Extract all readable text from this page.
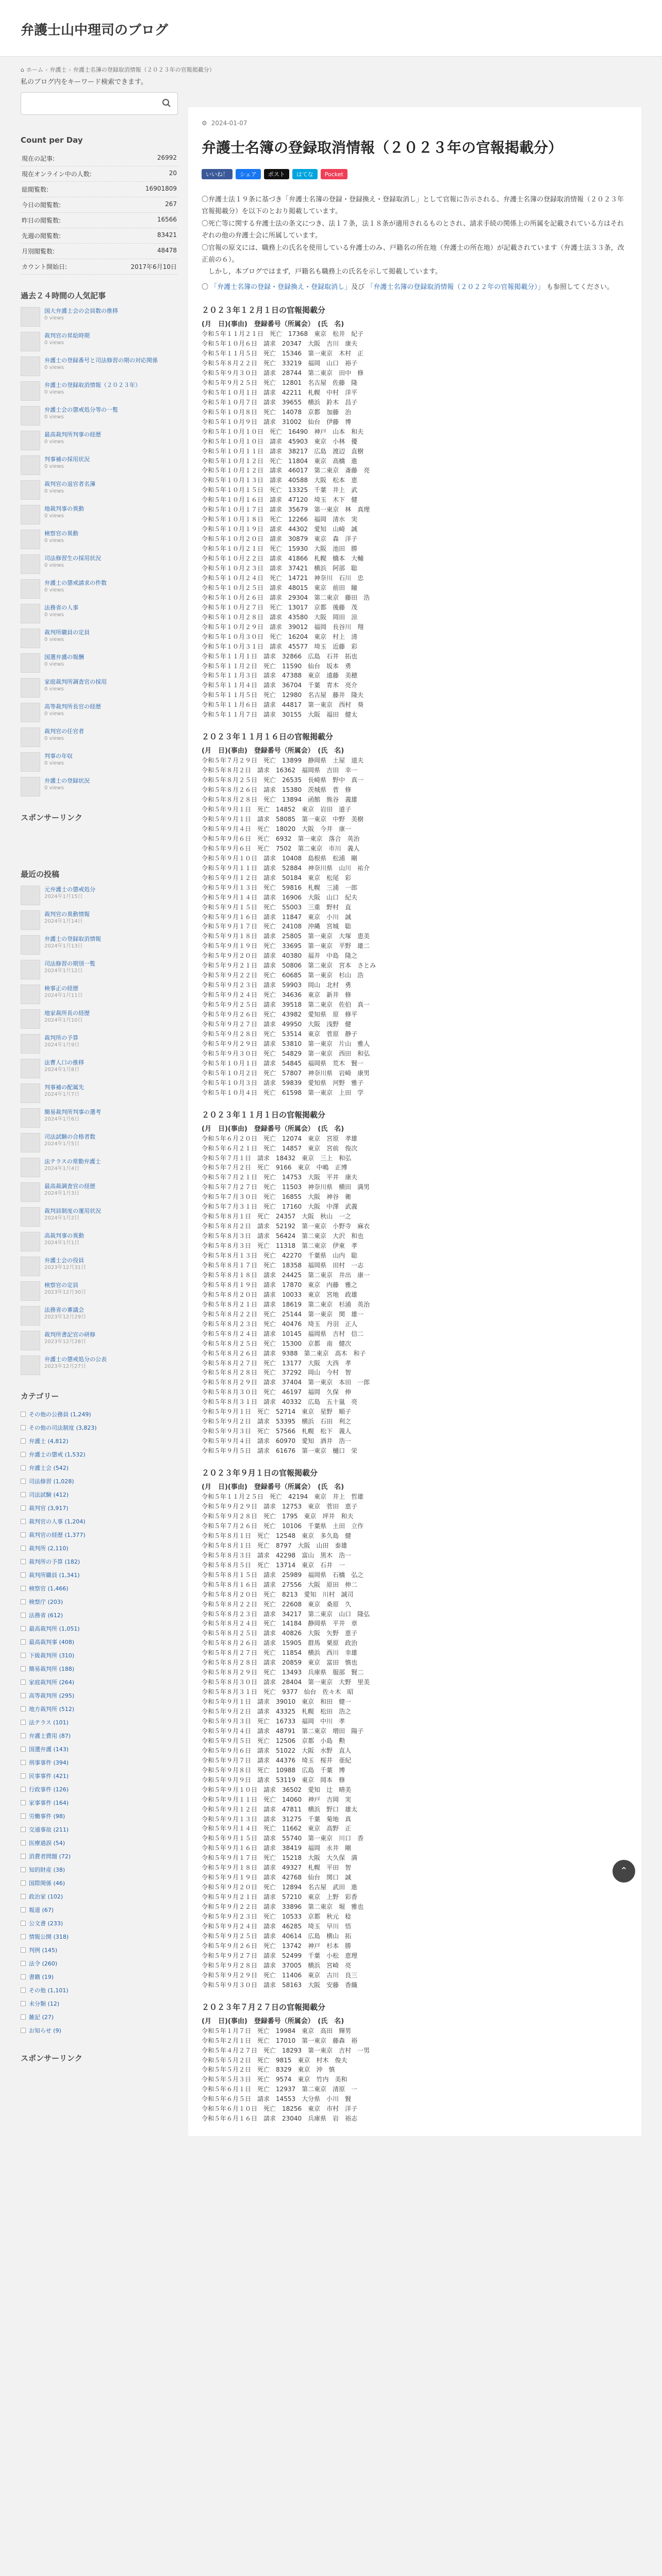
弁護士山中理司のブログ
⌂ ホーム › 弁護士 › 弁護士名簿の登録取消情報（２０２３年の官報掲載分）
私のブログ内をキーワード検索できます。
Count per Day
現在の記事:	26992
現在オンライン中の人数:	20
総閲覧数:	16901809
今日の閲覧数:	267
昨日の閲覧数:	16566
先週の閲覧数:	83421
月別閲覧数:	48478
カウント開始日:	2017年6月10日
過去２４時間の人気記事
国大弁護士会の会員数の推移
0 views
裁判官の昇給時期
0 views
弁護士の登録番号と司法修習の期の対応関係
0 views
弁護士の登録取消情報（２０２３年）
0 views
弁護士会の懲戒処分等の一覧
0 views
最高裁判所判事の経歴
0 views
判事補の採用状況
0 views
裁判官の退官者名簿
0 views
地裁判事の異動
0 views
検察官の異動
0 views
司法修習生の採用状況
0 views
弁護士の懲戒請求の件数
0 views
法務省の人事
0 views
裁判所職員の定員
0 views
国選弁護の報酬
0 views
家庭裁判所調査官の採用
0 views
高等裁判所長官の経歴
0 views
裁判官の任官者
0 views
判事の年収
0 views
弁護士の登録状況
0 views
スポンサーリンク
最近の投稿
元弁護士の懲戒処分
2024年1月15日
裁判官の異動情報
2024年1月14日
弁護士の登録取消情報
2024年1月13日
司法修習の期別一覧
2024年1月12日
検事正の経歴
2024年1月11日
地家裁所長の経歴
2024年1月10日
裁判所の予算
2024年1月9日
法曹人口の推移
2024年1月8日
判事補の配属先
2024年1月7日
簡易裁判所判事の選考
2024年1月6日
司法試験の合格者数
2024年1月5日
法テラスの常勤弁護士
2024年1月4日
最高裁調査官の経歴
2024年1月3日
裁判員制度の運用状況
2024年1月2日
高裁判事の異動
2024年1月1日
弁護士会の役員
2023年12月31日
検察官の定員
2023年12月30日
法務省の審議会
2023年12月29日
裁判所書記官の研修
2023年12月28日
弁護士の懲戒処分の公表
2023年12月27日
カテゴリー
その他の公務員 (1,249)
その他の司法制度 (3,823)
弁護士 (4,812)
弁護士の懲戒 (1,532)
弁護士会 (542)
司法修習 (1,028)
司法試験 (412)
裁判官 (3,917)
裁判官の人事 (1,204)
裁判官の経歴 (1,377)
裁判所 (2,110)
裁判所の予算 (182)
裁判所職員 (1,341)
検察官 (1,466)
検察庁 (203)
法務省 (612)
最高裁判所 (1,051)
最高裁判事 (408)
下級裁判所 (310)
簡易裁判所 (188)
家庭裁判所 (264)
高等裁判所 (295)
地方裁判所 (512)
法テラス (101)
弁護士費用 (87)
国選弁護 (143)
刑事事件 (394)
民事事件 (421)
行政事件 (126)
家事事件 (164)
労働事件 (98)
交通事故 (211)
医療過誤 (54)
消費者問題 (72)
知的財産 (38)
国際関係 (46)
政治家 (102)
報道 (67)
公文書 (233)
情報公開 (318)
判例 (145)
法令 (260)
書籍 (19)
その他 (1,101)
未分類 (12)
雑記 (27)
お知らせ (9)
スポンサーリンク
⚙ 2024-01-07
弁護士名簿の登録取消情報（２０２３年の官報掲載分）
いいね！	シェア	ポスト	はてな	Pocket
〇弁護士法１９条に基づき「弁護士名簿の登録・登録換え・登録取消し」として官報に告示される、弁護士名簿の登録取消情報（２０２３年官報掲載分）を以下のとおり掲載しています。
〇死亡等に関する弁護士法の条文につき、法１７条，法１８条が適用されるものとされ、請求手続の関係上の所属を記載されている方はそれぞれの他の弁護士会に所属しています。
〇官報の原文には、職務上の氏名を使用している弁護士のみ、戸籍名の所在地（弁護士の所在地）が記載されています（弁護士法３３条，改正前の６）。
　しかし，本ブログではまず，戸籍名も職務上の氏名を示して掲載しています。
〇 「弁護士名簿の登録・登録換え・登録取消し」及び 「弁護士名簿の登録取消情報（２０２２年の官報掲載分）」 も参照してください。
２０２３年１２月１日の官報掲載分
(月　日)(事由)　登録番号（所属会）　(氏　名)
令和５年１１月２１日　死亡　17368　東京　松井　紀子
令和５年１０月６日　請求　20347　大阪　吉川　康夫
令和５年１１月５日　死亡　15346　第一東京　木村　正
令和５年８月２２日　死亡　33219　福岡　山口　裕子
令和５年９月３０日　請求　28744　第二東京　田中　修
令和５年９月２５日　死亡　12801　名古屋　佐藤　隆
令和５年１０月１日　請求　42211　札幌　中村　洋平
令和５年１０月７日　請求　39655　横浜　鈴木　昌子
令和５年１０月８日　死亡　14078　京都　加藤　治
令和５年１０月９日　請求　31002　仙台　伊藤　博
令和５年１０月１０日　死亡　16490　神戸　山本　和夫
令和５年１０月１０日　請求　45903　東京　小林　優
令和５年１０月１１日　請求　38217　広島　渡辺　直樹
令和５年１０月１２日　死亡　11804　東京　高橋　進
令和５年１０月１２日　請求　46017　第二東京　斎藤　亮
令和５年１０月１３日　請求　40588　大阪　松本　恵
令和５年１０月１５日　死亡　13325　千葉　井上　武
令和５年１０月１６日　請求　47120　埼玉　木下　健
令和５年１０月１７日　請求　35679　第一東京　林　真理
令和５年１０月１８日　死亡　12266　福岡　清水　実
令和５年１０月１９日　請求　44302　愛知　山崎　誠
令和５年１０月２０日　請求　30879　東京　森　洋子
令和５年１０月２１日　死亡　15930　大阪　池田　勝
令和５年１０月２２日　請求　41866　札幌　橋本　大輔
令和５年１０月２３日　請求　37421　横浜　阿部　聡
令和５年１０月２４日　死亡　14721　神奈川　石川　忠
令和５年１０月２５日　請求　48015　東京　前田　瞳
令和５年１０月２６日　請求　29304　第二東京　藤田　浩
令和５年１０月２７日　死亡　13017　京都　後藤　茂
令和５年１０月２８日　請求　43580　大阪　岡田　涼
令和５年１０月２９日　請求　39012　福岡　長谷川　翔
令和５年１０月３０日　死亡　16204　東京　村上　清
令和５年１０月３１日　請求　45577　埼玉　近藤　彩
令和５年１１月１日　請求　32866　広島　石井　拓也
令和５年１１月２日　死亡　11590　仙台　坂本　勇
令和５年１１月３日　請求　47388　東京　遠藤　美穂
令和５年１１月４日　請求　36704　千葉　青木　亮介
令和５年１１月５日　死亡　12980　名古屋　藤井　隆夫
令和５年１１月６日　請求　44817　第一東京　西村　葵
令和５年１１月７日　請求　30155　大阪　福田　健太
２０２３年１１月１６日の官報掲載分
(月　日)(事由)　登録番号（所属会）　(氏　名)
令和５年７月２９日　死亡　13899　静岡県　土屋　道夫
令和５年８月２日　請求　16362　福岡県　吉田　幸一
令和５年８月２５日　死亡　26535　長崎県　野中　真一
令和５年８月２６日　請求　15380　茨城県　菅　修
令和５年８月２８日　死亡　13894　函館　熊谷　義雄
令和５年９月１日　死亡　14852　東京　岩田　道子
令和５年９月１日　請求　58085　第一東京　中野　美樹
令和５年９月４日　死亡　18020　大阪　今井　康一
令和５年９月６日　死亡　6932　第一東京　落合　英治
令和５年９月６日　死亡　7502　第二東京　市川　義人
令和５年９月１０日　請求　10408　島根県　松浦　剛
令和５年９月１１日　請求　52884　神奈川県　山川　祐介
令和５年９月１２日　請求　50184　東京　松尾　彩
令和５年９月１３日　死亡　59816　札幌　三浦　一郎
令和５年９月１４日　請求　16906　大阪　山口　紀夫
令和５年９月１５日　死亡　55003　三重　野村　直
令和５年９月１６日　請求　11847　東京　小川　誠
令和５年９月１７日　死亡　24108　沖縄　宮城　聡
令和５年９月１８日　請求　25805　第一東京　大塚　恵美
令和５年９月１９日　死亡　33695　第一東京　平野　雄二
令和５年９月２０日　請求　40380　福井　中島　隆之
令和５年９月２１日　請求　50806　第二東京　宮本　さとみ
令和５年９月２２日　死亡　60685　第一東京　杉山　浩
令和５年９月２３日　請求　59903　岡山　北村　勇
令和５年９月２４日　死亡　34636　東京　新井　修
令和５年９月２５日　請求　39518　第二東京　佐伯　真一
令和５年９月２６日　死亡　43982　愛知県　原　修平
令和５年９月２７日　請求　49950　大阪　浅野　健
令和５年９月２８日　死亡　53514　東京　菅原　静子
令和５年９月２９日　請求　53810　第一東京　片山　雅人
令和５年９月３０日　死亡　54829　第一東京　西田　和弘
令和５年１０月１日　請求　54845　福岡県　荒木　賢一
令和５年１０月２日　死亡　57807　神奈川県　岩崎　康男
令和５年１０月３日　請求　59839　愛知県　河野　雅子
令和５年１０月４日　死亡　61598　第一東京　上田　学
２０２３年１１月１日の官報掲載分
(月　日)(事由)　登録番号（所属会）　(氏　名)
令和５年６月２０日　死亡　12074　東京　宮原　孝雄
令和５年６月２１日　死亡　14857　東京　宮前　俊次
令和５年７月１日　請求　18432　東京　三上　和弘
令和５年７月２日　死亡　9166　東京　中嶋　正博
令和５年７月２１日　死亡　14753　大阪　平井　康夫
令和５年７月２７日　死亡　11503　神奈川県　横田　満男
令和５年７月３０日　死亡　16855　大阪　神谷　衛
令和５年７月３１日　死亡　17160　大阪　中澤　武義
令和５年８月１日　死亡　24357　大阪　秋山　一之
令和５年８月２日　請求　52192　第一東京　小野寺　麻衣
令和５年８月３日　請求　56424　第二東京　大沢　和也
令和５年８月３日　死亡　11318　第二東京　伊東　孝
令和５年８月１３日　死亡　42270　千葉県　山内　聡
令和５年８月１７日　死亡　18358　福岡県　田村　一志
令和５年８月１８日　請求　24425　第二東京　井出　康一
令和５年８月１９日　請求　17870　東京　内藤　雅之
令和５年８月２０日　請求　10033　東京　宮地　政雄
令和５年８月２１日　請求　18619　第二東京　杉浦　英治
令和５年８月２２日　死亡　25144　第一東京　関　雄一
令和５年８月２３日　死亡　40476　埼玉　丹羽　正人
令和５年８月２４日　請求　10145　福岡県　吉村　信二
令和５年８月２５日　死亡　15300　京都　南　健次
令和５年８月２６日　請求　9388　第二東京　高木　和子
令和５年８月２７日　死亡　13177　大阪　大西　孝
令和５年８月２８日　死亡　37292　岡山　今村　智
令和５年８月２９日　請求　37404　第一東京　本田　一郎
令和５年８月３０日　死亡　46197　福岡　久保　伸
令和５年８月３１日　請求　40332　広島　五十嵐　亮
令和５年９月１日　死亡　52714　東京　星野　順子
令和５年９月２日　請求　53395　横浜　石田　利之
令和５年９月３日　死亡　57566　札幌　松下　義人
令和５年９月４日　請求　60970　愛知　酒井　浩一
令和５年９月５日　請求　61676　第一東京　樋口　栄
２０２３年９月１日の官報掲載分
(月　日)(事由)　登録番号（所属会）　(氏　名)
令和５年１１月２５日　死亡　42194　東京　井上　哲雄
令和５年９月２９日　請求　12753　東京　菅田　恵子
令和５年９月２８日　死亡　1795　東京　坪井　和夫
令和５年７月２６日　死亡　10106　千葉県　土田　立作
令和５年８月１日　死亡　12548　東京　多久島　健
令和５年８月１日　死亡　8797　大阪　山田　泰雄
令和５年８月３日　請求　42298　富山　黒木　浩一
令和５年８月５日　死亡　13714　東京　石井　一
令和５年８月１５日　請求　25989　福岡県　石橋　弘之
令和５年８月１６日　請求　27556　大阪　原田　伸二
令和５年８月２０日　死亡　8213　愛知　川村　誠司
令和５年８月２２日　死亡　22608　東京　桑原　久
令和５年８月２３日　請求　34217　第二東京　山口　隆弘
令和５年８月２４日　死亡　14184　静岡県　平井　章
令和５年８月２５日　請求　40826　大阪　矢野　恵子
令和５年８月２６日　請求　15905　群馬　栗原　政治
令和５年８月２７日　死亡　11854　横浜　西川　幸雄
令和５年８月２８日　請求　20859　東京　富田　慎也
令和５年８月２９日　死亡　13493　兵庫県　服部　賢二
令和５年８月３０日　請求　28404　第一東京　大野　里美
令和５年８月３１日　死亡　9377　仙台　佐々木　昭
令和５年９月１日　請求　39010　東京　和田　健一
令和５年９月２日　請求　43325　札幌　松田　浩之
令和５年９月３日　死亡　16733　福岡　中川　孝
令和５年９月４日　請求　48791　第二東京　増田　陽子
令和５年９月５日　死亡　12506　京都　小島　勲
令和５年９月６日　請求　51022　大阪　水野　直人
令和５年９月７日　請求　44376　埼玉　桜井　亜紀
令和５年９月８日　死亡　10988　広島　千葉　博
令和５年９月９日　請求　53119　東京　岡本　修
令和５年９月１０日　請求　36502　愛知　辻　晴美
令和５年９月１１日　死亡　14060　神戸　吉岡　実
令和５年９月１２日　請求　47811　横浜　野口　雄太
令和５年９月１３日　請求　31275　千葉　菊地　真
令和５年９月１４日　死亡　11662　東京　高野　正
令和５年９月１５日　請求　55740　第一東京　川口　香
令和５年９月１６日　請求　38419　福岡　永井　剛
令和５年９月１７日　死亡　15218　大阪　大久保　満
令和５年９月１８日　請求　49327　札幌　平田　智
令和５年９月１９日　請求　42768　仙台　関口　誠
令和５年９月２０日　死亡　12894　名古屋　武田　進
令和５年９月２１日　請求　57210　東京　上野　彩香
令和５年９月２２日　請求　33896　第二東京　堀　雅也
令和５年９月２３日　死亡　10533　京都　秋元　稔
令和５年９月２４日　請求　46285　埼玉　早川　悟
令和５年９月２５日　請求　40614　広島　横山　拓
令和５年９月２６日　死亡　13742　神戸　杉本　勝
令和５年９月２７日　請求　52499　千葉　小松　恵理
令和５年９月２８日　請求　37005　横浜　宮崎　亮
令和５年９月２９日　死亡　11406　東京　古川　良三
令和５年９月３０日　請求　58163　大阪　安藤　香織
２０２３年７月２７日の官報掲載分
(月　日)(事由)　登録番号（所属会）　(氏　名)
令和５年１月７日　死亡　19984　東京　高田　輝男
令和５年２月１日　死亡　17010　第一東京　藤森　裕
令和５年４月２７日　死亡　18293　第一東京　吉村　一男
令和５年５月２日　死亡　9815　東京　村木　俊夫
令和５年５月２日　死亡　8329　東京　沖　慎
令和５年５月３日　死亡　9574　東京　竹内　美和
令和５年６月１日　死亡　12937　第二東京　清原　一
令和５年６月５日　請求　14553　大分県　小川　賢
令和５年６月１０日　死亡　18256　東京　市村　洋子
令和５年６月１６日　請求　23040　兵庫県　岩　裕志
⌃
